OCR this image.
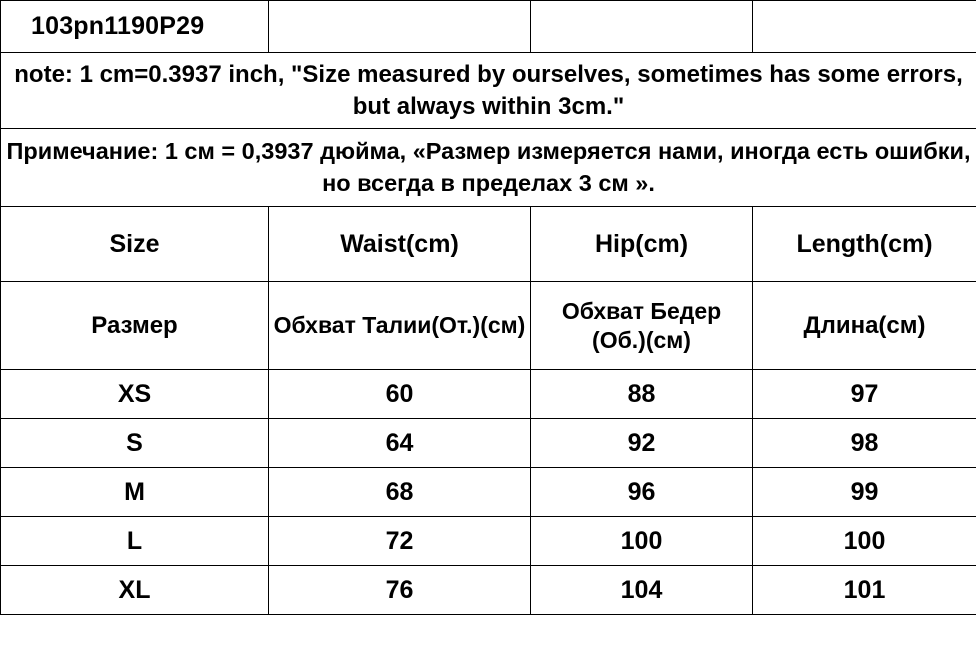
103pn1190P29			
note: 1 cm=0.3937 inch, "Size measured by ourselves, sometimes has some errors, but always within 3cm."			
Примечание: 1 см = 0,3937 дюйма, «Размер измеряется нами, иногда есть ошибки, но всегда в пределах 3 см ».			
Size	Waist(cm)	Hip(cm)	Length(cm)
Размер	Обхват Талии(От.)(см)	Обхват Бедер (Об.)(см)	Длина(см)
XS	60	88	97
S	64	92	98
M	68	96	99
L	72	100	100
XL	76	104	101
